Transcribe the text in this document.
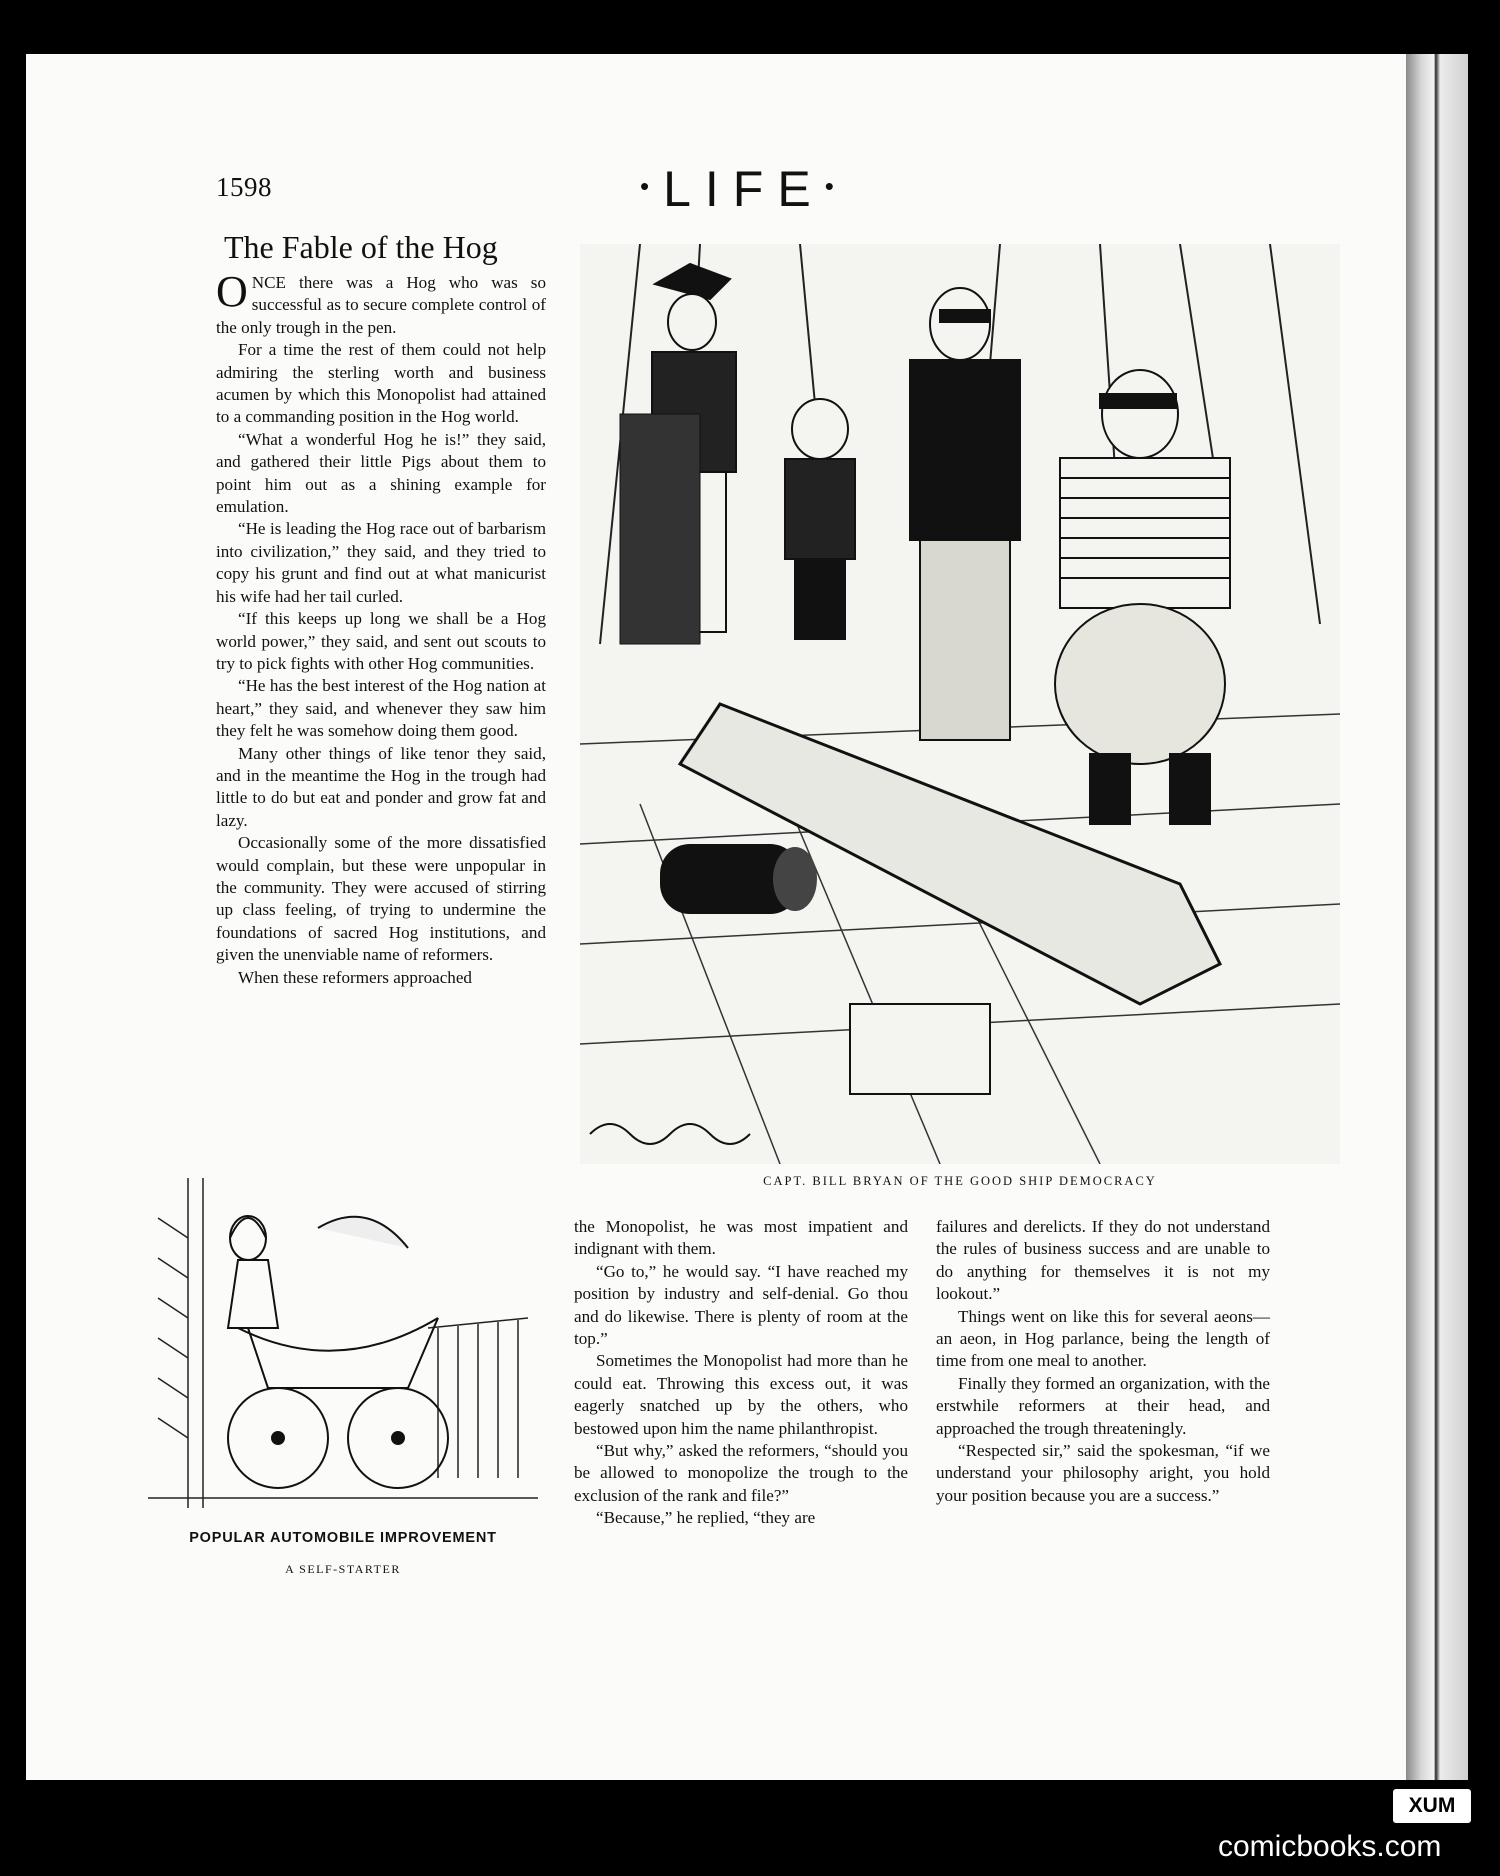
1598	•LIFE•
The Fable of the Hog

ONCE there was a Hog who was so successful as to secure complete control of the only trough in the pen.

For a time the rest of them could not help admiring the sterling worth and business acumen by which this Monopolist had attained to a commanding position in the Hog world.

“What a wonderful Hog he is!” they said, and gathered their little Pigs about them to point him out as a shining example for emulation.

“He is leading the Hog race out of barbarism into civilization,” they said, and they tried to copy his grunt and find out at what manicurist his wife had her tail curled.

“If this keeps up long we shall be a Hog world power,” they said, and sent out scouts to try to pick fights with other Hog communities.

“He has the best interest of the Hog nation at heart,” they said, and whenever they saw him they felt he was somehow doing them good.

Many other things of like tenor they said, and in the meantime the Hog in the trough had little to do but eat and ponder and grow fat and lazy.

Occasionally some of the more dissatisfied would complain, but these were unpopular in the community. They were accused of stirring up class feeling, of trying to undermine the foundations of sacred Hog institutions, and given the unenviable name of reformers.

When these reformers approached

CAPT. BILL BRYAN OF THE GOOD SHIP DEMOCRACY
POPULAR AUTOMOBILE IMPROVEMENT
A SELF-STARTER

the Monopolist, he was most impatient and indignant with them.

“Go to,” he would say. “I have reached my position by industry and self-denial. Go thou and do likewise. There is plenty of room at the top.”

Sometimes the Monopolist had more than he could eat. Throwing this excess out, it was eagerly snatched up by the others, who bestowed upon him the name philanthropist.

“But why,” asked the reformers, “should you be allowed to monopolize the trough to the exclusion of the rank and file?”

“Because,” he replied, “they are

failures and derelicts. If they do not understand the rules of business success and are unable to do anything for themselves it is not my lookout.”

Things went on like this for several aeons—an aeon, in Hog parlance, being the length of time from one meal to another.

Finally they formed an organization, with the erstwhile reformers at their head, and approached the trough threateningly.

“Respected sir,” said the spokesman, “if we understand your philosophy aright, you hold your position because you are a success.”

XUM
comicbooks.com
